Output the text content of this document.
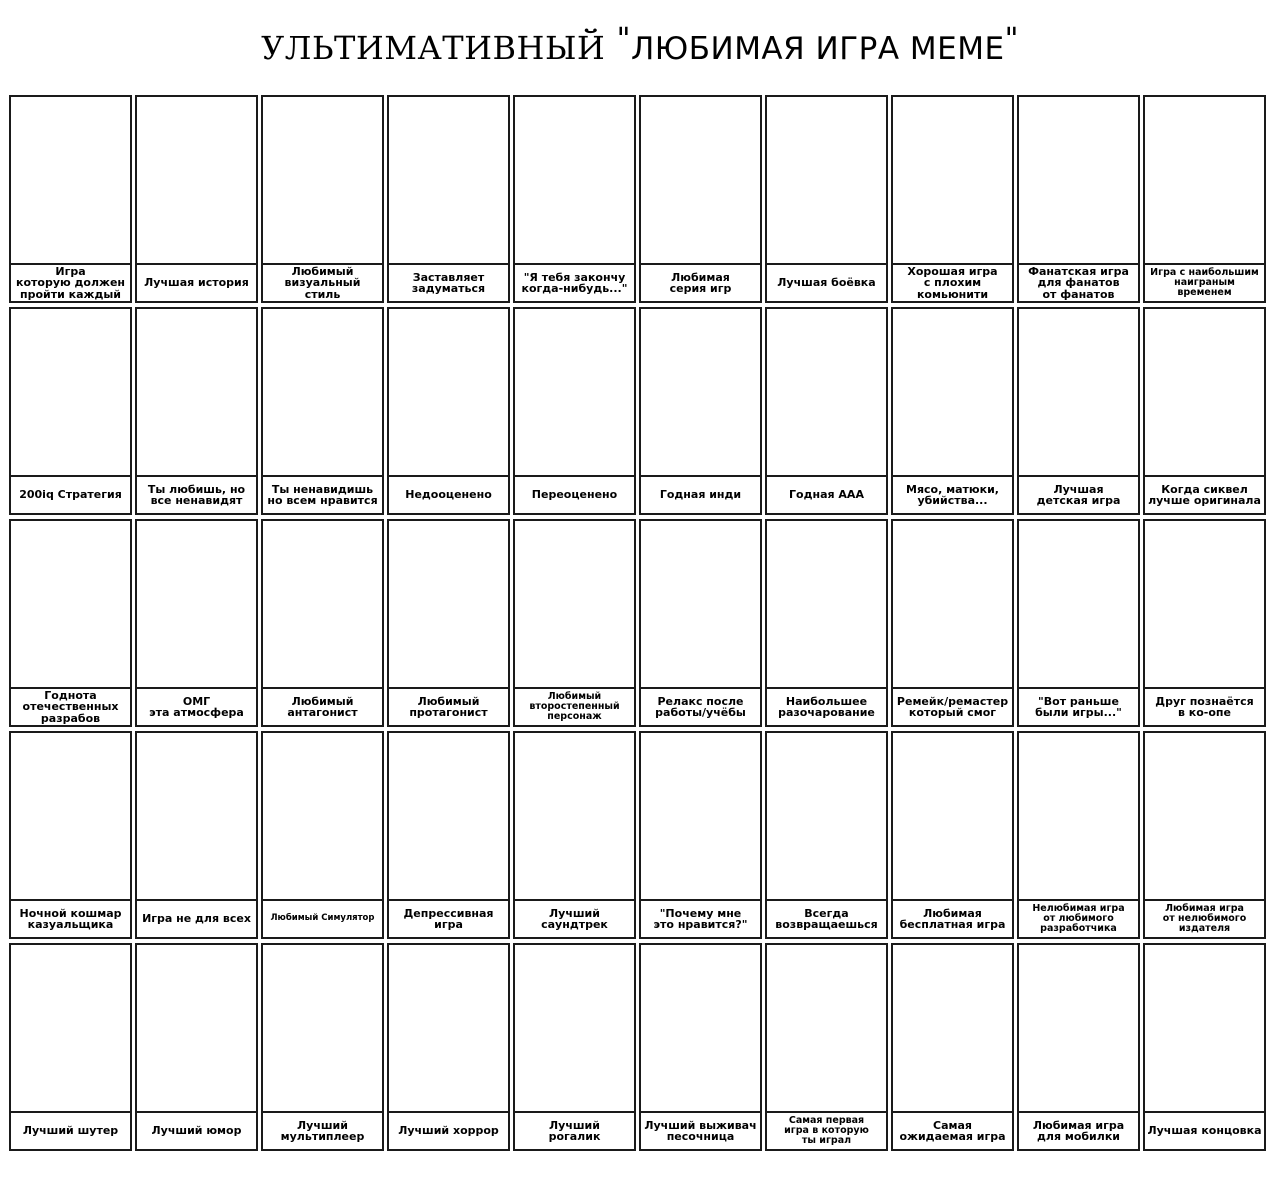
УЛЬТИМАТИВНЫЙ "ЛЮБИМАЯ ИГРА МЕМЕ"
Игра
которую должен
пройти каждый
Лучшая история
Любимый
визуальный стиль
Заставляет
задуматься
"Я тебя закончу
когда-нибудь..."
Любимая
серия игр	Лучшая боёвка
Хорошая игра
с плохим
комьюнити
Фанатская игра
для фанатов
от фанатов
Игра с наибольшим
наиграным
временем
200iq Стратегия	Ты любишь, но
все ненавидят
Ты ненавидишь
но всем нравится	Недооценено	Переоценено	Годная инди	Годная ААА	Мясо, матюки,
убийства...
Лучшая
детская игра
Когда сиквел
лучше оригинала
Годнота
отечественных
разрабов
ОМГ
эта атмосфера
Любимый
антагонист
Любимый
протагонист
Любимый
второстепенный
персонаж
Релакс после
работы/учёбы
Наибольшее
разочарование
Ремейк/ремастер
который смог
"Вот раньше
были игры..."
Друг познаётся
в ко-опе
Ночной кошмар
казуальщика	Игра не для всех	Любимый Симулятор	Депрессивная
игра
Лучший
саундтрек
"Почему мне
это нравится?"
Всегда
возвращаешься
Любимая
бесплатная игра
Нелюбимая игра
от любимого
разработчика
Любимая игра
от нелюбимого
издателя
Лучший шутер	Лучший юмор	Лучший
мультиплеер	Лучший хоррор	Лучший
рогалик
Лучший выживач
песочница
Самая первая
игра в которую
ты играл
Самая
ожидаемая игра
Любимая игра
для мобилки	Лучшая концовка
